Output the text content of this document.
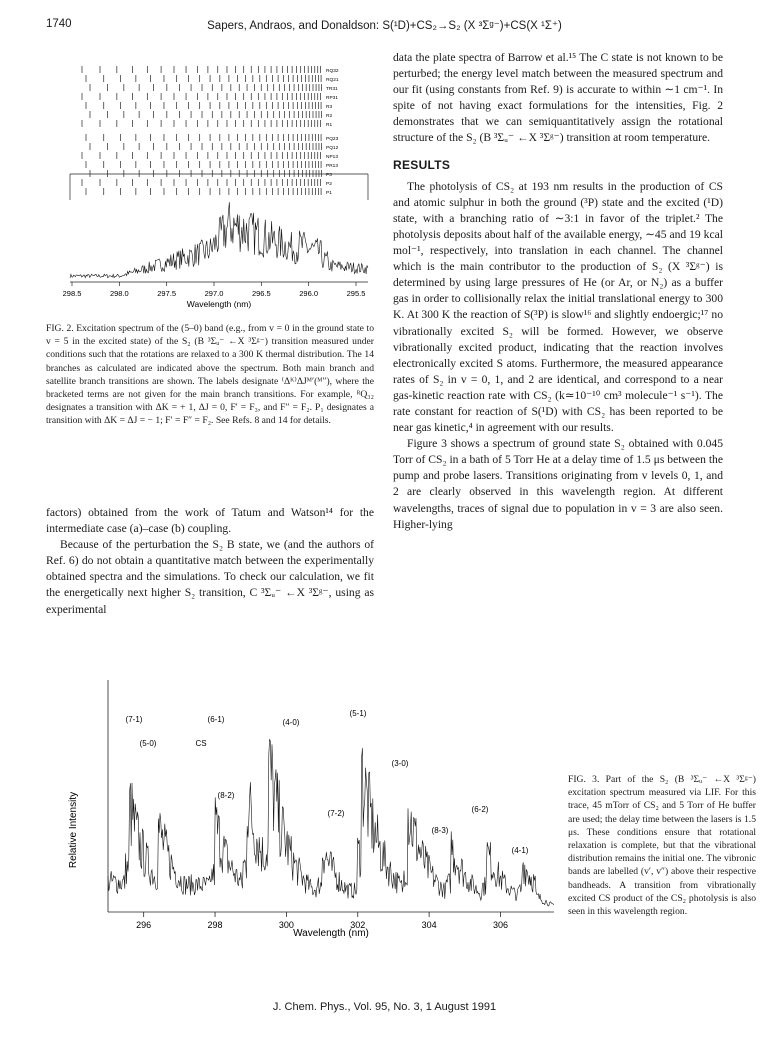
1740	Sapers, Andraos, and Donaldson: S(¹D)+CS₂→S₂ (X ³Σᵍ⁻)+CS(X ¹Σ⁺)
RQ32
RQ21
TR31
RP31
R3
R2
R1
PQ23
PQ12
NP13
PR13
P3
P2
P1
298.5	298.0	297.5	297.0	296.5	296.0	295.5
Wavelength (nm)
FIG. 2. Excitation spectrum of the (5–0) band (e.g., from v = 0 in the ground state to v = 5 in the excited state) of the S₂ (B ³Σᵤ⁻ ←X ³Σᵍ⁻) transition measured under conditions such that the rotations are relaxed to a 300 K thermal distribution. The 14 branches as calculated are indicated above the spectrum. Both main branch and satellite branch transitions are shown. The labels designate ⁽Δᴷ⁾ΔJᴹ′(ᴹ″), where the bracketed terms are not given for the main branch transitions. For example, ᴿQ₃₂ designates a transition with ΔK = + 1, ΔJ = 0, F′ = F₃, and F″ = F₂. P₁ designates a transition with ΔK = ΔJ = − 1; F′ = F″ = F₂. See Refs. 8 and 14 for details.

factors) obtained from the work of Tatum and Watson¹⁴ for the intermediate case (a)–case (b) coupling.

Because of the perturbation the S₂ B state, we (and the authors of Ref. 6) do not obtain a quantitative match between the experimentally obtained spectra and the simulations. To check our calculation, we fit the energetically next higher S₂ transition, C ³Σᵤ⁻ ←X ³Σᵍ⁻, using as experimental

data the plate spectra of Barrow et al.¹⁵ The C state is not known to be perturbed; the energy level match between the measured spectrum and our fit (using constants from Ref. 9) is accurate to within ∼1 cm⁻¹. In spite of not having exact formulations for the intensities, Fig. 2 demonstrates that we can semiquantitatively assign the rotational structure of the S₂ (B ³Σᵤ⁻ ←X ³Σᵍ⁻) transition at room temperature.

RESULTS

The photolysis of CS₂ at 193 nm results in the production of CS and atomic sulphur in both the ground (³P) state and the excited (¹D) state, with a branching ratio of ∼3:1 in favor of the triplet.² The photolysis deposits about half of the available energy, ∼45 and 19 kcal mol⁻¹, respectively, into translation in each channel. The channel which is the main contributor to the production of S₂ (X ³Σᵍ⁻) is determined by using large pressures of He (or Ar, or N₂) as a buffer gas in order to collisionally relax the initial translational energy to 300 K. At 300 K the reaction of S(³P) is slow¹⁶ and slightly endoergic;¹⁷ no vibrationally excited S₂ will be formed. However, we observe vibrationally excited product, indicating that the reaction involves electronically excited S atoms. Furthermore, the measured appearance rates of S₂ in v = 0, 1, and 2 are identical, and correspond to a near gas-kinetic reaction rate with CS₂ (k≃10⁻¹⁰ cm³ molecule⁻¹ s⁻¹). The rate constant for reaction of S(¹D) with CS₂ has been reported to be near gas kinetic,⁴ in agreement with our results.

Figure 3 shows a spectrum of ground state S₂ obtained with 0.045 Torr of CS₂ in a bath of 5 Torr He at a delay time of 1.5 μs between the pump and probe lasers. Transitions originating from v levels 0, 1, and 2 are clearly observed in this wavelength region. At different wavelengths, traces of signal due to population in v = 3 are also seen. Higher-lying

(7-1)	(6-1)	(4-0)
(5-1)
(5-0)	CS
(3-0)
(8-2)
(7-2)	(6-2)
(8-3)
(4-1)
296	298	300	302	304	306
Wavelength (nm)
Relative Intensity
FIG. 3. Part of the S₂ (B ³Σᵤ⁻ ←X ³Σᵍ⁻) excitation spectrum measured via LIF. For this trace, 45 mTorr of CS₂ and 5 Torr of He buffer are used; the delay time between the lasers is 1.5 μs. These conditions ensure that rotational relaxation is complete, but that the vibrational distribution remains the initial one. The vibronic bands are labelled (v′, v″) above their respective bandheads. A transition from vibrationally excited CS product of the CS₂ photolysis is also seen in this wavelength region.
J. Chem. Phys., Vol. 95, No. 3, 1 August 1991
